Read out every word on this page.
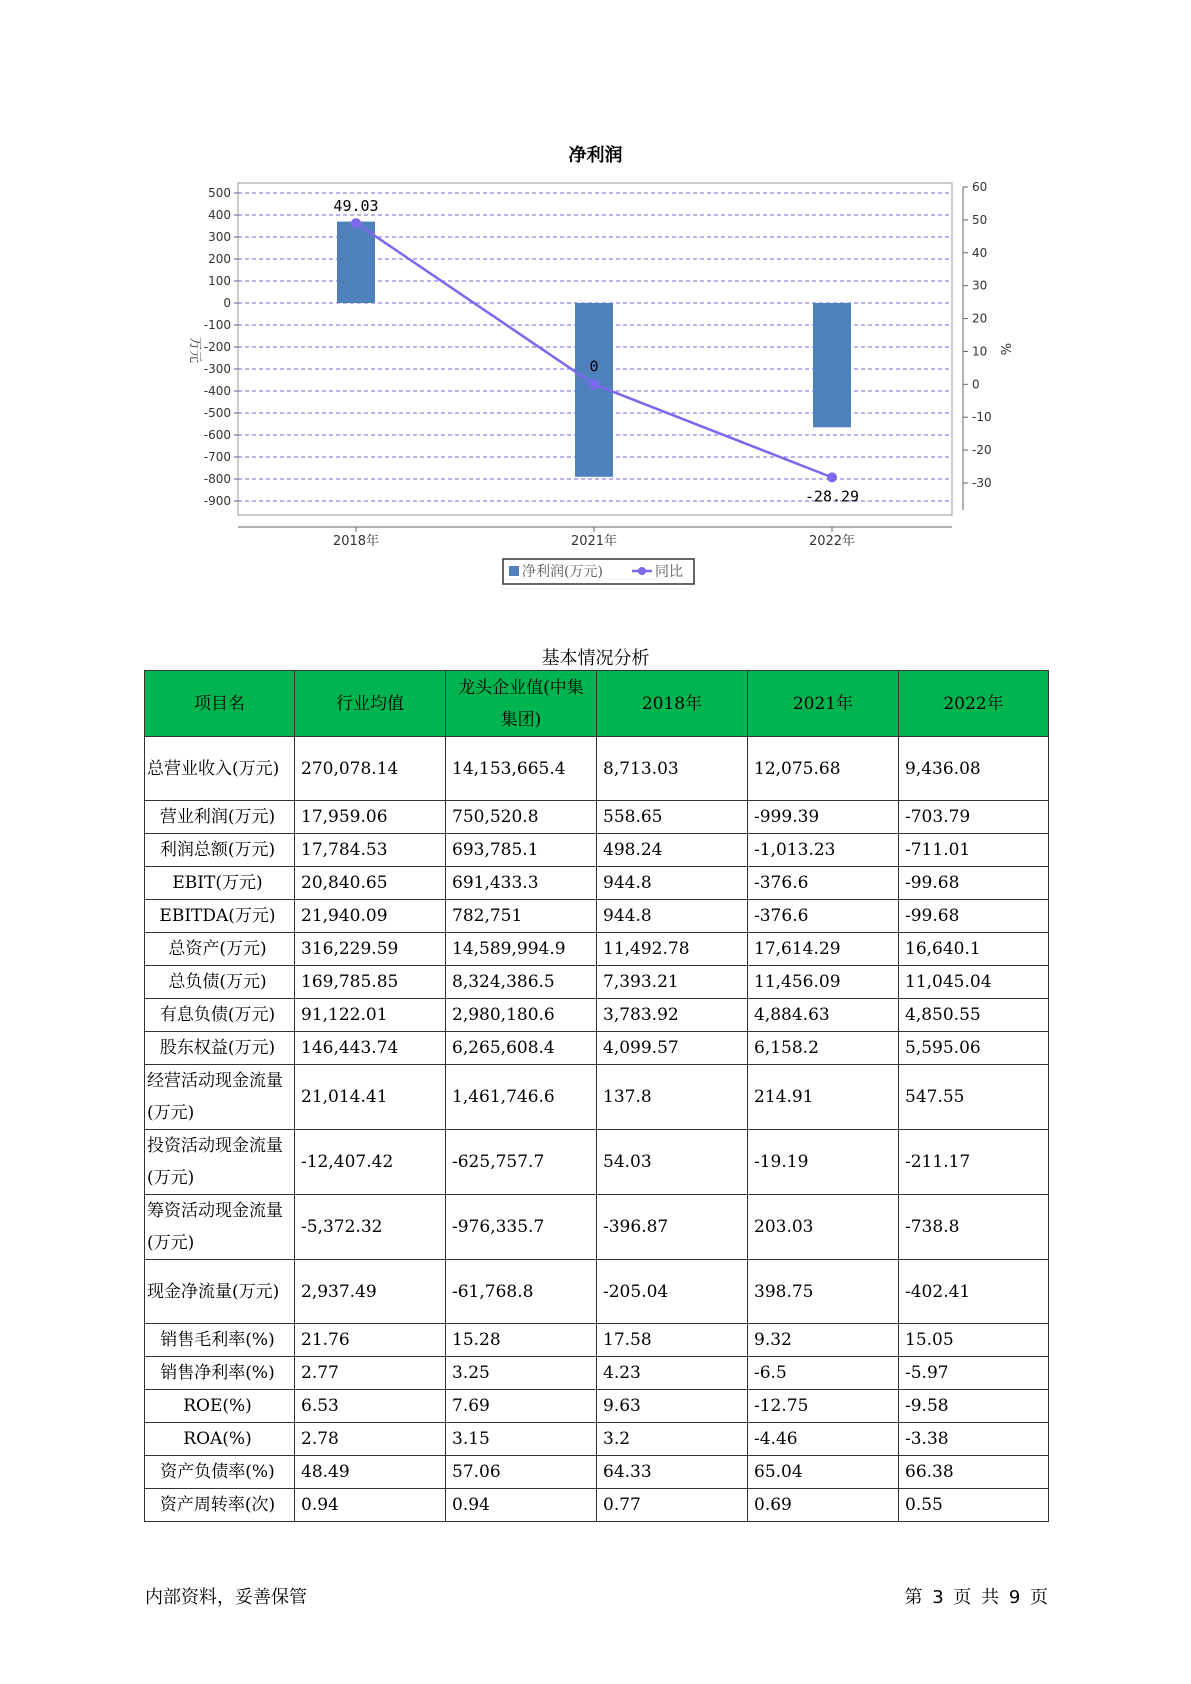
净利润
500
400
300
200
100
0
-100
-200
-300
-400
-500
-600
-700
-800
-900
60
50
40
30
20
10
0
-10
-20
-30
万元	%
2018年	2021年	2022年
49.03
0
-28.29
净利润(万元)	同比
基本情况分析
项目名	行业均值	龙头企业值(中集集团)	2018年	2021年	2022年
总营业收入(万元)	270,078.14	14,153,665.4	8,713.03	12,075.68	9,436.08
营业利润(万元)	17,959.06	750,520.8	558.65	-999.39	-703.79
利润总额(万元)	17,784.53	693,785.1	498.24	-1,013.23	-711.01
EBIT(万元)	20,840.65	691,433.3	944.8	-376.6	-99.68
EBITDA(万元)	21,940.09	782,751	944.8	-376.6	-99.68
总资产(万元)	316,229.59	14,589,994.9	11,492.78	17,614.29	16,640.1
总负债(万元)	169,785.85	8,324,386.5	7,393.21	11,456.09	11,045.04
有息负债(万元)	91,122.01	2,980,180.6	3,783.92	4,884.63	4,850.55
股东权益(万元)	146,443.74	6,265,608.4	4,099.57	6,158.2	5,595.06
经营活动现金流量(万元)	21,014.41	1,461,746.6	137.8	214.91	547.55
投资活动现金流量(万元)	-12,407.42	-625,757.7	54.03	-19.19	-211.17
筹资活动现金流量(万元)	-5,372.32	-976,335.7	-396.87	203.03	-738.8
现金净流量(万元)	2,937.49	-61,768.8	-205.04	398.75	-402.41
销售毛利率(%)	21.76	15.28	17.58	9.32	15.05
销售净利率(%)	2.77	3.25	4.23	-6.5	-5.97
ROE(%)	6.53	7.69	9.63	-12.75	-9.58
ROA(%)	2.78	3.15	3.2	-4.46	-3.38
资产负债率(%)	48.49	57.06	64.33	65.04	66.38
资产周转率(次)	0.94	0.94	0.77	0.69	0.55
内部资料，妥善保管	第 3 页 共 9 页
